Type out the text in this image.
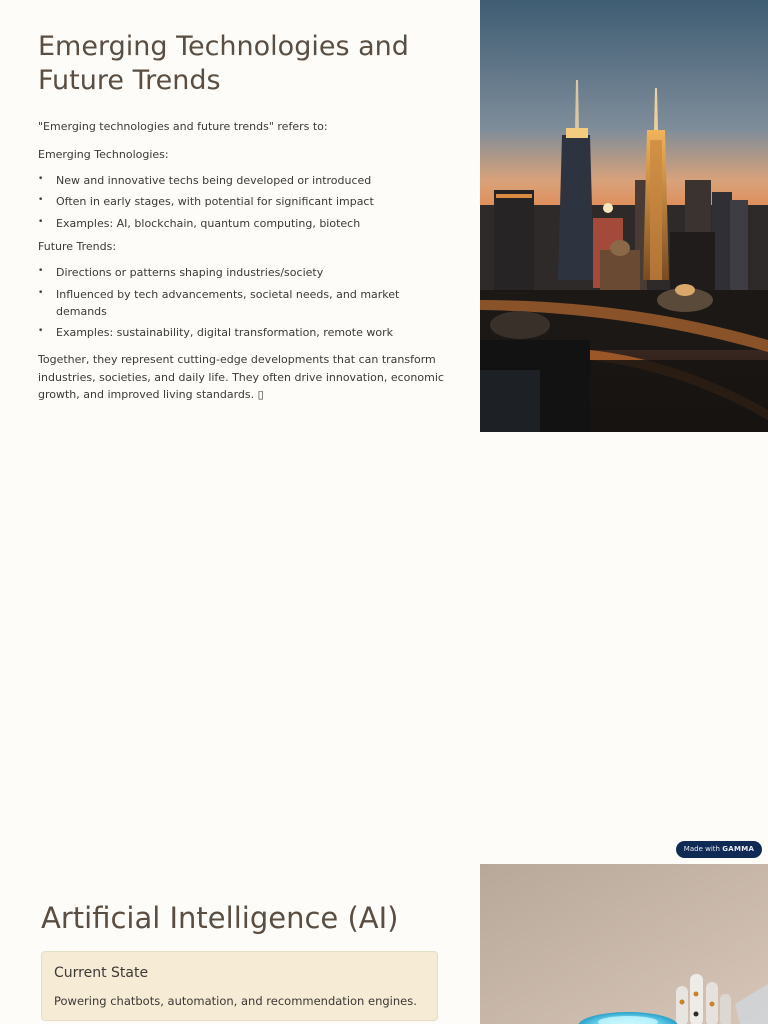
Emerging Technologies and Future Trends

"Emerging technologies and future trends" refers to:

Emerging Technologies:

• New and innovative techs being developed or introduced
• Often in early stages, with potential for significant impact
• Examples: AI, blockchain, quantum computing, biotech

Future Trends:

• Directions or patterns shaping industries/society
• Influenced by tech advancements, societal needs, and market demands
• Examples: sustainability, digital transformation, remote work

Together, they represent cutting-edge developments that can transform industries, societies, and daily life. They often drive innovation, economic growth, and improved living standards. ▯

Made with GAMMA
Artificial Intelligence (AI)
Current State
Powering chatbots, automation, and recommendation engines.
